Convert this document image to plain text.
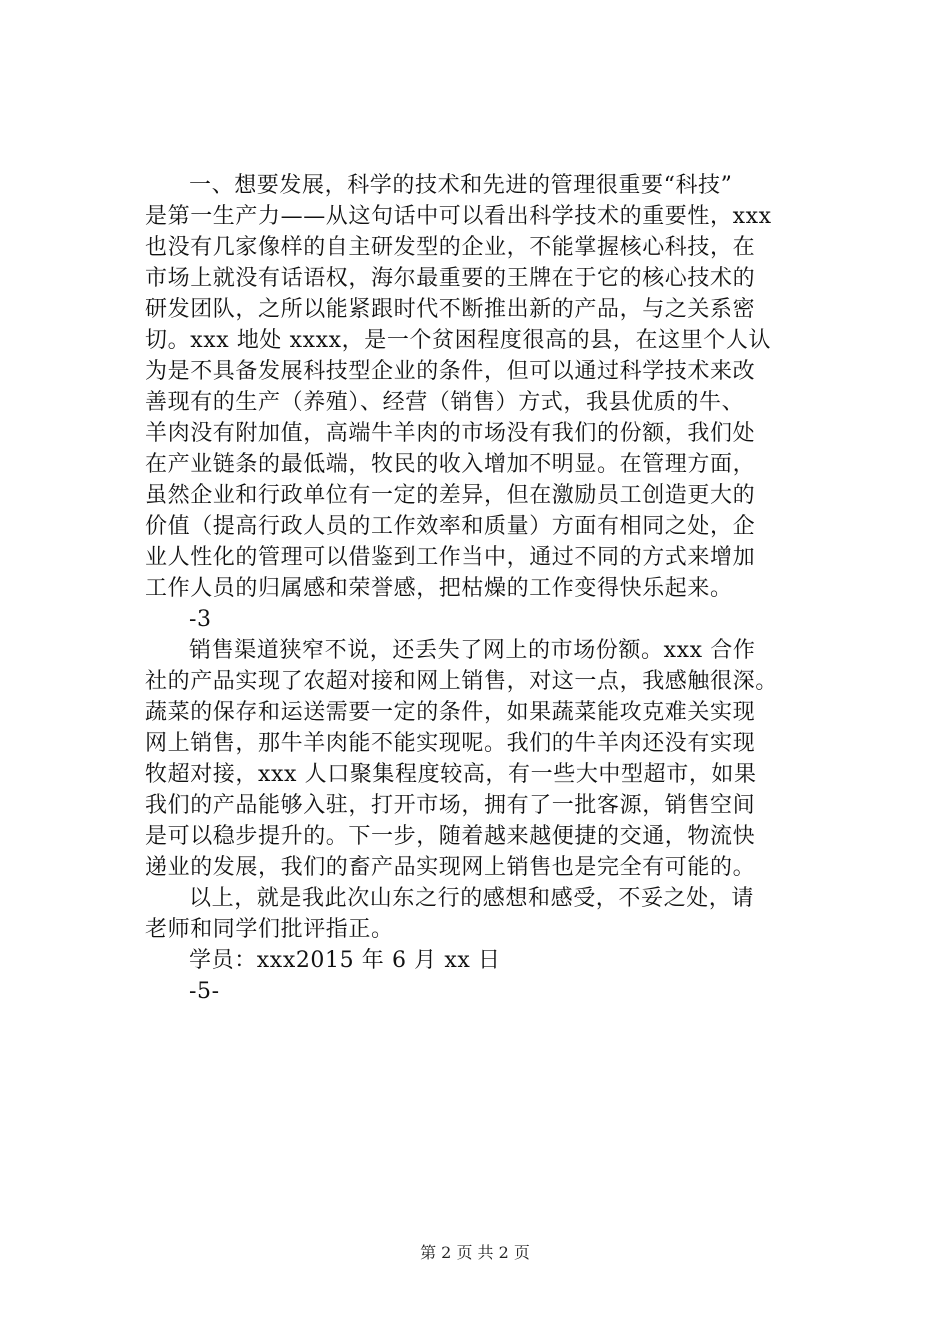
一、想要发展，科学的技术和先进的管理很重要“科技”
是第一生产力——从这句话中可以看出科学技术的重要性，xxx
也没有几家像样的自主研发型的企业，不能掌握核心科技，在
市场上就没有话语权，海尔最重要的王牌在于它的核心技术的
研发团队，之所以能紧跟时代不断推出新的产品，与之关系密
切。xxx 地处 xxxx，是一个贫困程度很高的县，在这里个人认
为是不具备发展科技型企业的条件，但可以通过科学技术来改
善现有的生产（养殖）、经营（销售）方式，我县优质的牛、
羊肉没有附加值，高端牛羊肉的市场没有我们的份额，我们处
在产业链条的最低端，牧民的收入增加不明显。在管理方面，
虽然企业和行政单位有一定的差异，但在激励员工创造更大的
价值（提高行政人员的工作效率和质量）方面有相同之处，企
业人性化的管理可以借鉴到工作当中，通过不同的方式来增加
工作人员的归属感和荣誉感，把枯燥的工作变得快乐起来。
-3
销售渠道狭窄不说，还丢失了网上的市场份额。xxx 合作
社的产品实现了农超对接和网上销售，对这一点，我感触很深。
蔬菜的保存和运送需要一定的条件，如果蔬菜能攻克难关实现
网上销售，那牛羊肉能不能实现呢。我们的牛羊肉还没有实现
牧超对接，xxx 人口聚集程度较高，有一些大中型超市，如果
我们的产品能够入驻，打开市场，拥有了一批客源，销售空间
是可以稳步提升的。下一步，随着越来越便捷的交通，物流快
递业的发展，我们的畜产品实现网上销售也是完全有可能的。
以上，就是我此次山东之行的感想和感受，不妥之处，请
老师和同学们批评指正。
学员：xxx2015 年 6 月 xx 日
-5-
第 2 页 共 2 页
